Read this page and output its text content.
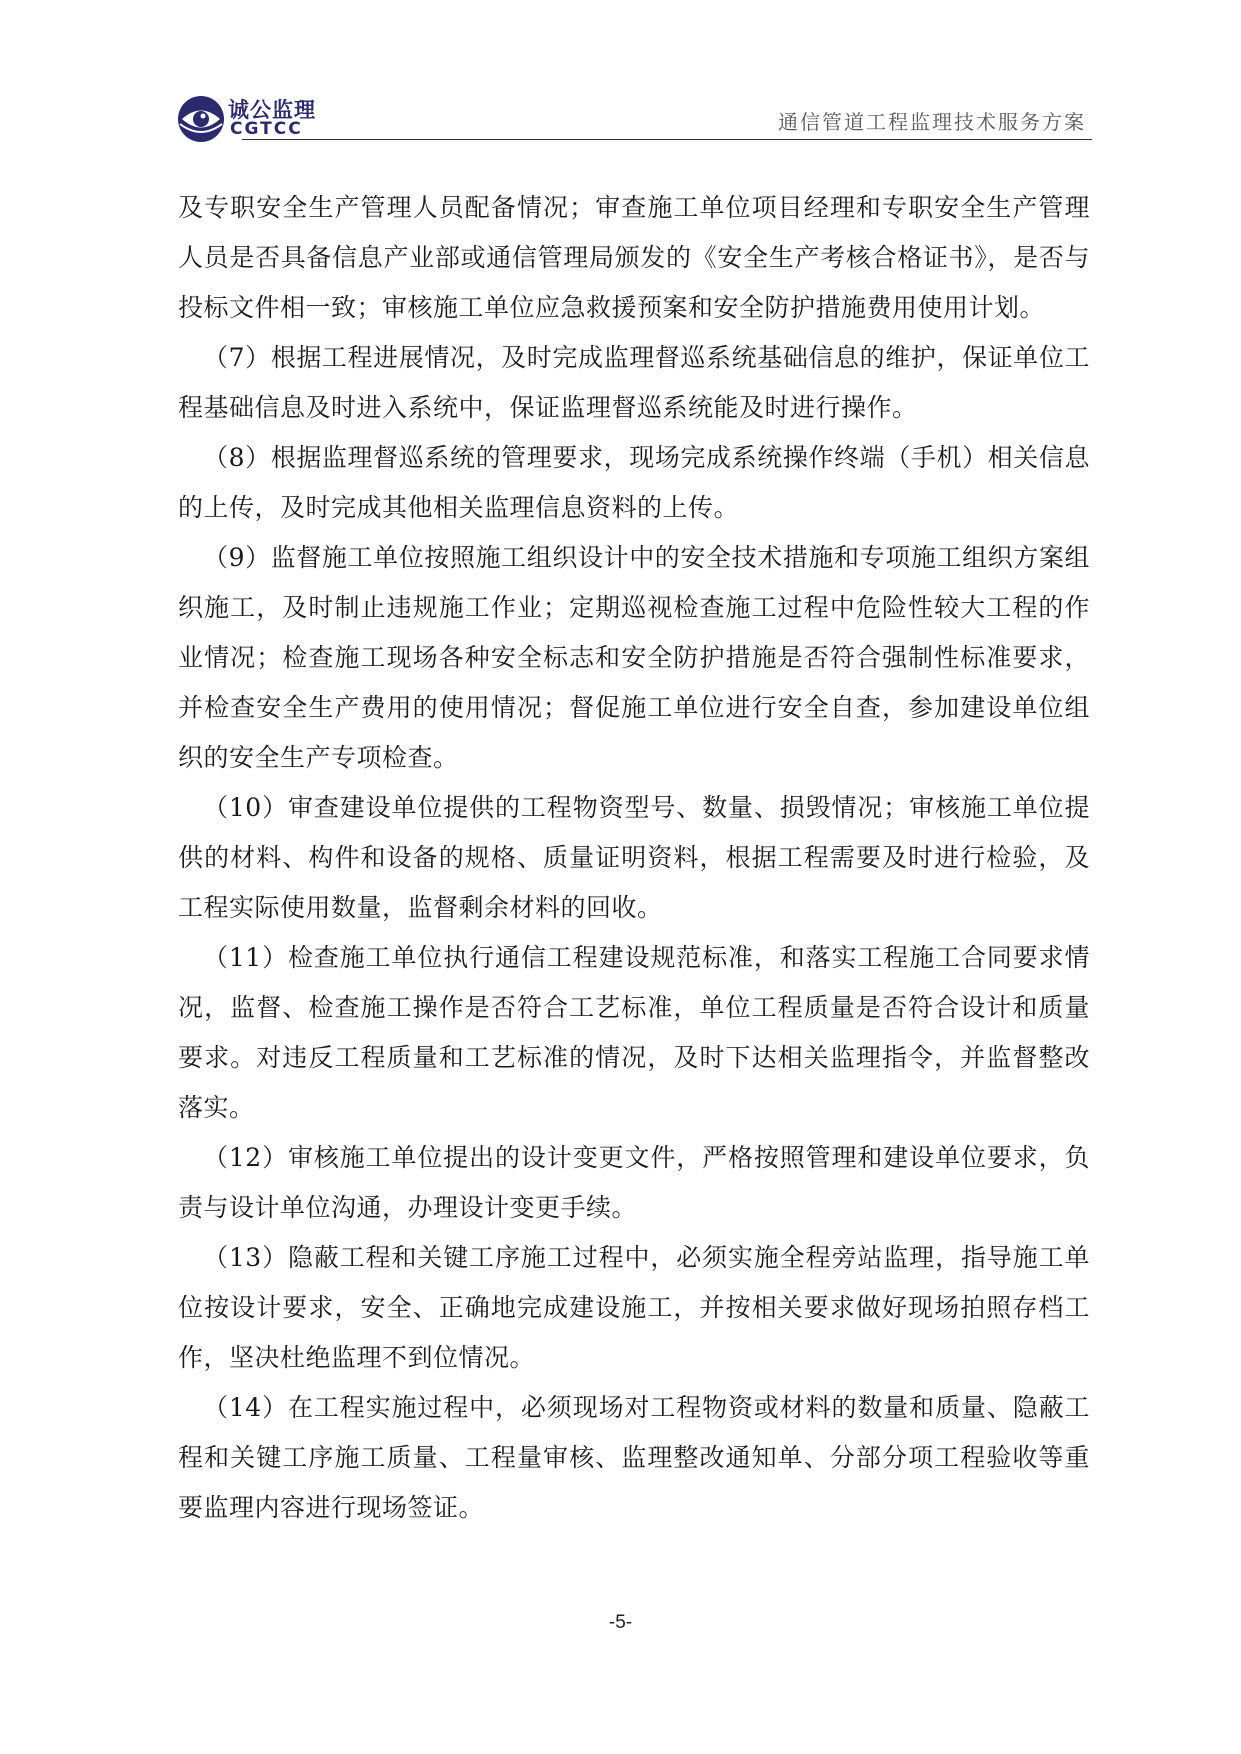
诚公监理
CGTCC	通信管道工程监理技术服务方案

及专职安全生产管理人员配备情况；审查施工单位项目经理和专职安全生产管理人员是否具备信息产业部或通信管理局颁发的《安全生产考核合格证书》，是否与投标文件相一致；审核施工单位应急救援预案和安全防护措施费用使用计划。

（7）根据工程进展情况，及时完成监理督巡系统基础信息的维护，保证单位工程基础信息及时进入系统中，保证监理督巡系统能及时进行操作。

（8）根据监理督巡系统的管理要求，现场完成系统操作终端（手机）相关信息的上传，及时完成其他相关监理信息资料的上传。

（9）监督施工单位按照施工组织设计中的安全技术措施和专项施工组织方案组织施工，及时制止违规施工作业；定期巡视检查施工过程中危险性较大工程的作业情况；检查施工现场各种安全标志和安全防护措施是否符合强制性标准要求，并检查安全生产费用的使用情况；督促施工单位进行安全自查，参加建设单位组织的安全生产专项检查。

（10）审查建设单位提供的工程物资型号、数量、损毁情况；审核施工单位提供的材料、构件和设备的规格、质量证明资料，根据工程需要及时进行检验，及工程实际使用数量，监督剩余材料的回收。

（11）检查施工单位执行通信工程建设规范标准，和落实工程施工合同要求情况，监督、检查施工操作是否符合工艺标准，单位工程质量是否符合设计和质量要求。对违反工程质量和工艺标准的情况，及时下达相关监理指令，并监督整改落实。

（12）审核施工单位提出的设计变更文件，严格按照管理和建设单位要求，负责与设计单位沟通，办理设计变更手续。

（13）隐蔽工程和关键工序施工过程中，必须实施全程旁站监理，指导施工单位按设计要求，安全、正确地完成建设施工，并按相关要求做好现场拍照存档工作，坚决杜绝监理不到位情况。

（14）在工程实施过程中，必须现场对工程物资或材料的数量和质量、隐蔽工程和关键工序施工质量、工程量审核、监理整改通知单、分部分项工程验收等重要监理内容进行现场签证。

-5-
